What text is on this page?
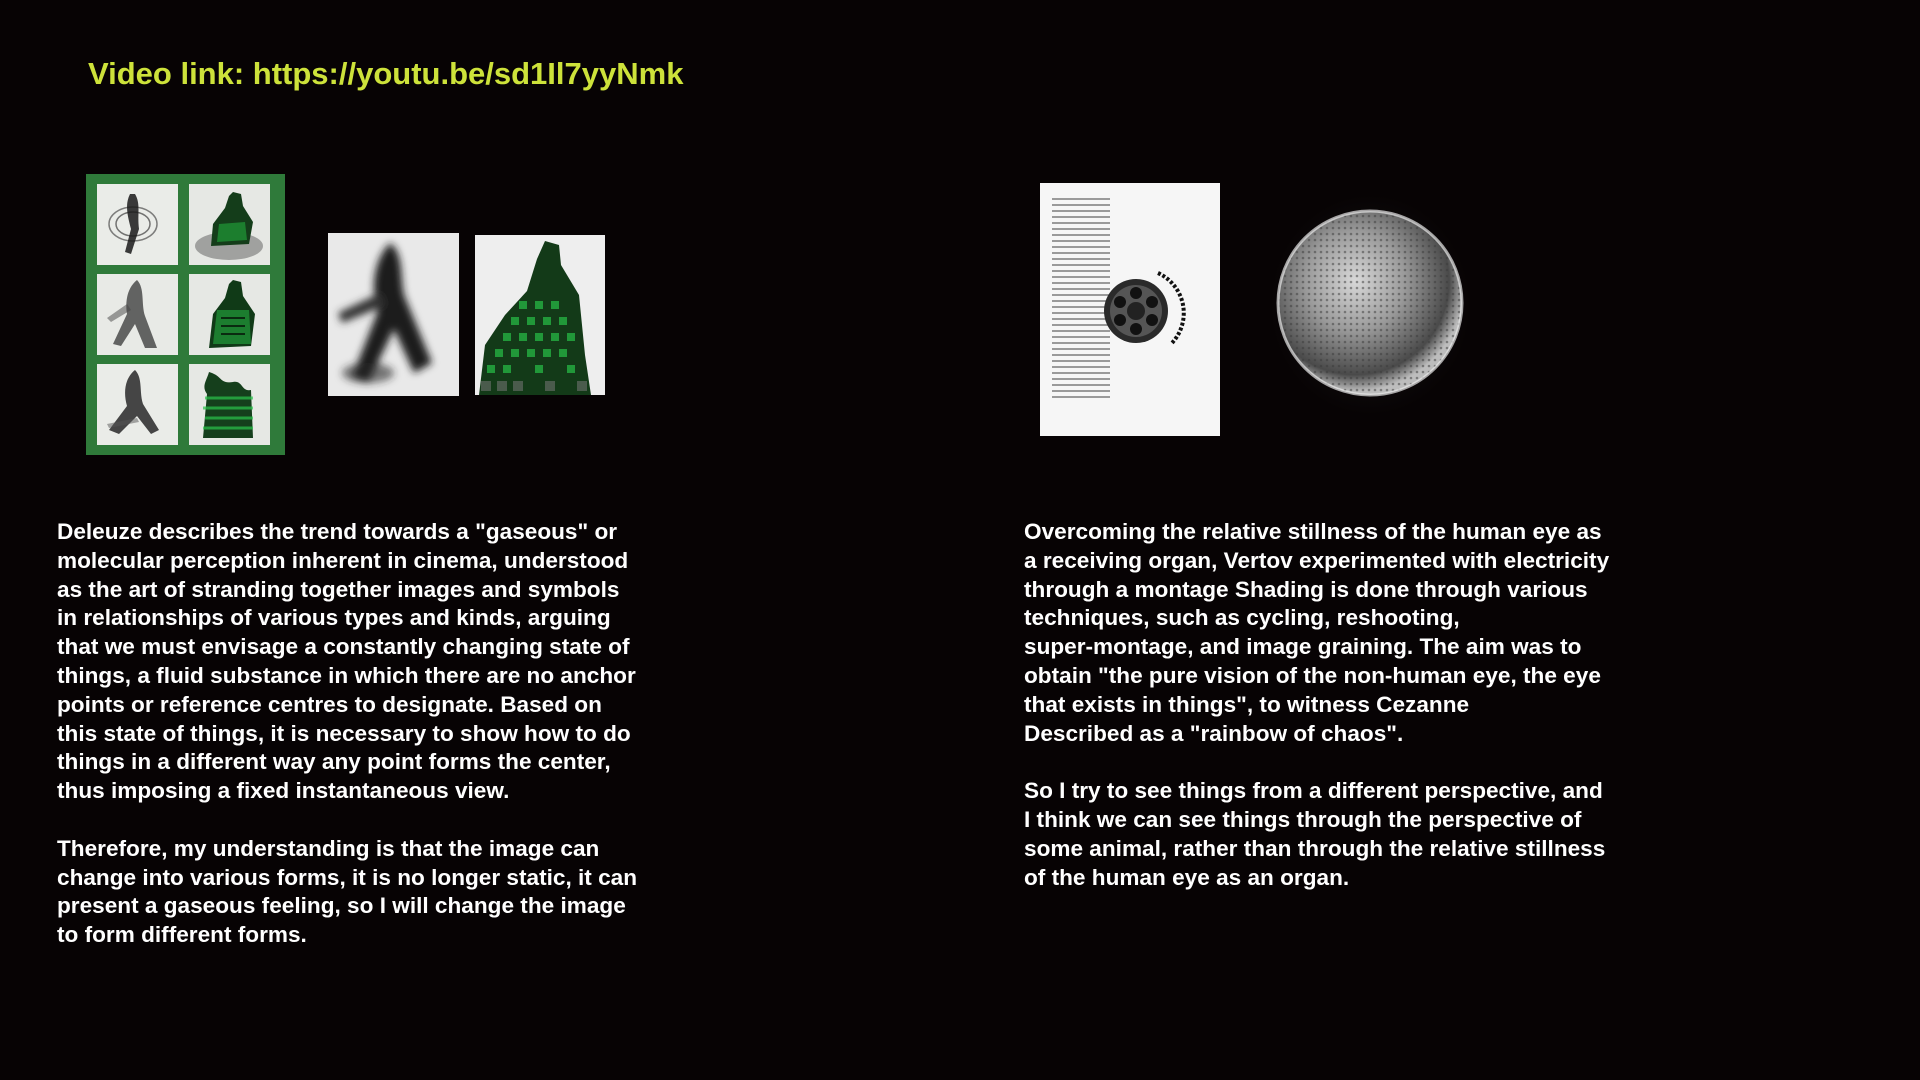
Video link: https://youtu.be/sd1Il7yyNmk

Deleuze describes the trend towards a "gaseous" or
molecular perception inherent in cinema, understood
as the art of stranding together images and symbols
in relationships of various types and kinds, arguing
that we must envisage a constantly changing state of
things, a fluid substance in which there are no anchor
points or reference centres to designate. Based on
this state of things, it is necessary to show how to do
things in a different way any point forms the center,
thus imposing a fixed instantaneous view.

Therefore, my understanding is that the image can
change into various forms, it is no longer static, it can
present a gaseous feeling, so I will change the image
to form different forms.

Overcoming the relative stillness of the human eye as
a receiving organ, Vertov experimented with electricity
through a montage Shading is done through various
techniques, such as cycling, reshooting,
super-montage, and image graining. The aim was to
obtain "the pure vision of the non-human eye, the eye
that exists in things", to witness Cezanne
Described as a "rainbow of chaos".

So I try to see things from a different perspective, and
I think we can see things through the perspective of
some animal, rather than through the relative stillness
of the human eye as an organ.
